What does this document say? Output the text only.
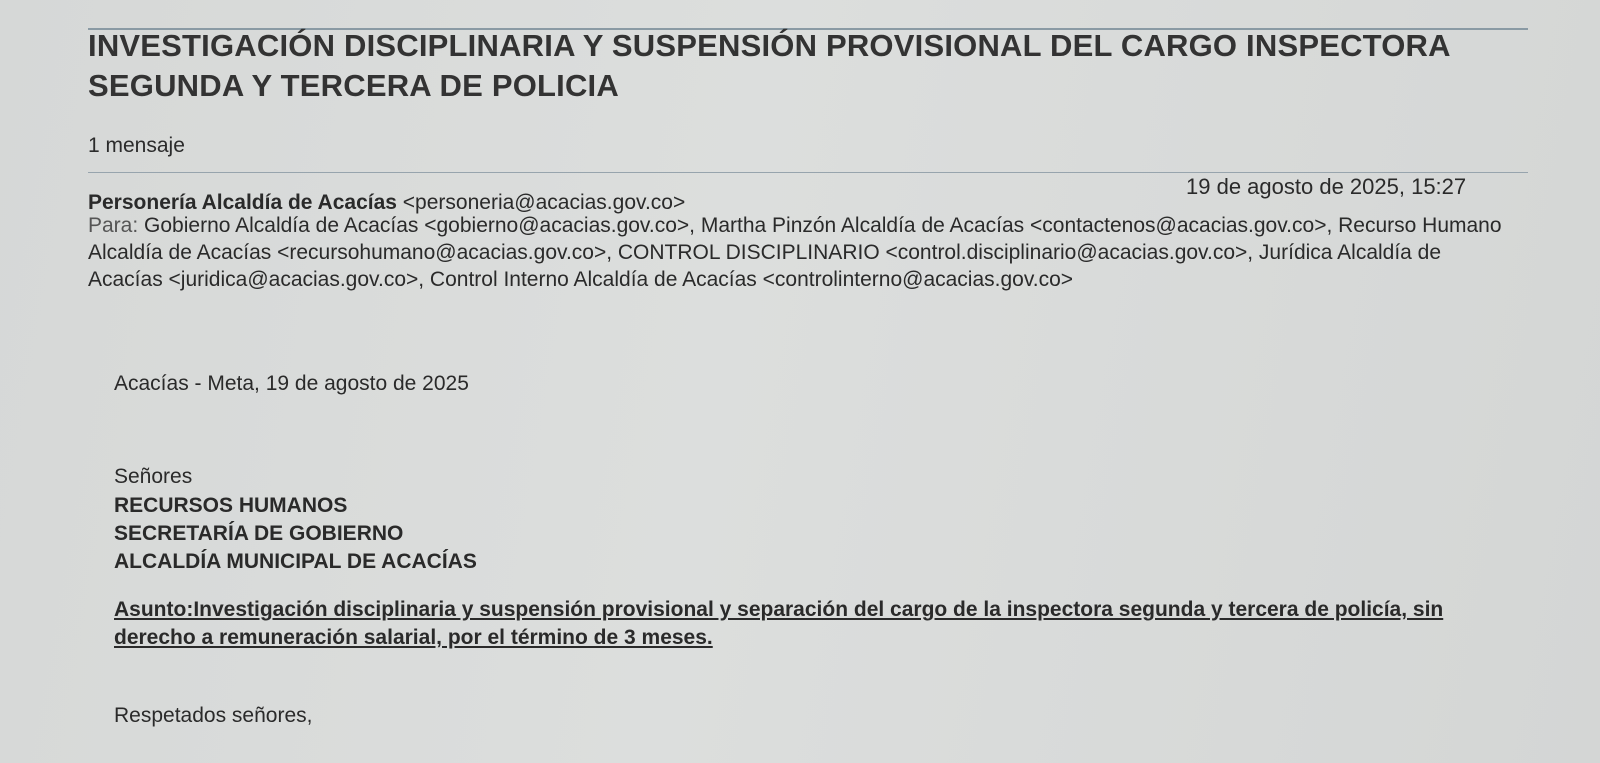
INVESTIGACIÓN DISCIPLINARIA Y SUSPENSIÓN PROVISIONAL DEL CARGO INSPECTORA SEGUNDA Y TERCERA DE POLICIA
1 mensaje
19 de agosto de 2025, 15:27
Personería Alcaldía de Acacías <personeria@acacias.gov.co>
Para: Gobierno Alcaldía de Acacías <gobierno@acacias.gov.co>, Martha Pinzón Alcaldía de Acacías <contactenos@acacias.gov.co>, Recurso Humano Alcaldía de Acacías <recursohumano@acacias.gov.co>, CONTROL DISCIPLINARIO <control.disciplinario@acacias.gov.co>, Jurídica Alcaldía de Acacías <juridica@acacias.gov.co>, Control Interno Alcaldía de Acacías <controlinterno@acacias.gov.co>
Acacías - Meta, 19 de agosto de 2025
Señores
RECURSOS HUMANOS
SECRETARÍA DE GOBIERNO
ALCALDÍA MUNICIPAL DE ACACÍAS
Asunto:Investigación disciplinaria y suspensión provisional y separación del cargo de la inspectora segunda y tercera de policía, sin derecho a remuneración salarial, por el término de 3 meses.
Respetados señores,
